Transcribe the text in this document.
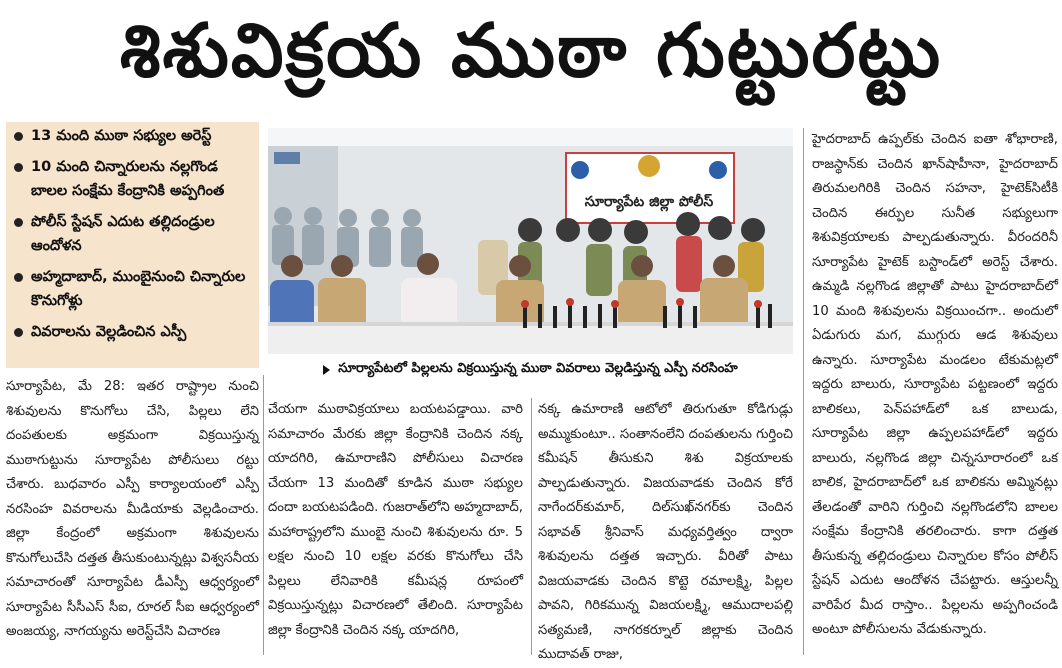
శిశువిక్రయ ముఠా గుట్టురట్టు
13 మంది ముఠా సభ్యుల అరెస్ట్
10 మంది చిన్నారులను నల్లగొండ బాలల సంక్షేమ కేంద్రానికి అప్పగింత
పోలీస్ స్టేషన్ ఎదుట తల్లిదండ్రుల ఆందోళన
అహ్మదాబాద్, ముంబైనుంచి చిన్నారుల కొనుగోళ్లు
వివరాలను వెల్లడించిన ఎస్పీ
సూర్యాపేట జిల్లా పోలీస్
సూర్యాపేటలో పిల్లలను విక్రయిస్తున్న ముఠా వివరాలు వెల్లడిస్తున్న ఎస్పీ నరసింహ

సూర్యాపేట, మే 28: ఇతర రాష్ట్రాల నుంచి శిశువులను కొనుగోలు చేసి, పిల్లలు లేని దంపతులకు అక్రమంగా విక్రయిస్తున్న ముఠాగుట్టును సూర్యాపేట పోలీసులు రట్టు చేశారు. బుధవారం ఎస్పీ కార్యాలయంలో ఎస్పీ నరసింహ వివరాలను మీడియాకు వెల్లడించారు. జిల్లా కేంద్రంలో అక్రమంగా శిశువులను కొనుగోలుచేసి దత్తత తీసుకుంటున్నట్లు విశ్వసనీయ సమాచారంతో సూర్యాపేట డీఎస్పీ ఆధ్వర్యంలో సూర్యాపేట సీసీఎస్ సీఐ, రూరల్ సీఐ ఆధ్వర్యంలో అంజయ్య, నాగయ్యను అరెస్ట్‌చేసి విచారణ

చేయగా ముఠావిక్రయాలు బయటపడ్డాయి. వారి సమాచారం మేరకు జిల్లా కేంద్రానికి చెందిన నక్క యాదగిరి, ఉమారాణిని పోలీసులు విచారణ చేయగా 13 మందితో కూడిన ముఠా సభ్యుల దందా బయటపడింది. గుజరాత్‌లోని అహ్మదాబాద్, మహారాష్ట్రలోని ముంబై నుంచి శిశువులను రూ. 5 లక్షల నుంచి 10 లక్షల వరకు కొనుగోలు చేసి పిల్లలు లేనివారికి కమీషన్ల రూపంలో విక్రయిస్తున్నట్లు విచారణలో తేలింది. సూర్యాపేట జిల్లా కేంద్రానికి చెందిన నక్క యాదగిరి,

నక్క ఉమారాణి ఆటోలో తిరుగుతూ కోడిగుడ్లు అమ్ముకుంటూ.. సంతానంలేని దంపతులను గుర్తించి కమీషన్ తీసుకుని శిశు విక్రయాలకు పాల్పడుతున్నారు. విజయవాడకు చెందిన కోరే నాగేందర్‌కుమార్, దిల్‌సుఖ్‌నగర్‌కు చెందిన సభావత్ శ్రీనివాస్ మధ్యవర్తిత్వం ద్వారా శిశువులను దత్తత ఇచ్చారు. వీరితో పాటు విజయవాడకు చెందిన కొట్టె రమాలక్ష్మి, పిల్లల పావని, గిరికమున్న విజయలక్ష్మి, ఆముదాలపల్లి సత్యమణి, నాగరకర్నూల్ జిల్లాకు చెందిన ముదావత్ రాజు,

హైదరాబాద్ ఉప్పల్‌కు చెందిన ఐతా శోభారాణి, రాజస్థాన్‌కు చెందిన ఖాన్‌షాహీనా, హైదరాబాద్ తిరుమలగిరికి చెందిన సహనా, హైటెక్‌సిటీకి చెందిన ఈర్పుల సునీత సభ్యులుగా శిశువిక్రయాలకు పాల్పడుతున్నారు. వీరందరినీ సూర్యాపేట హైటెక్ బస్టాండ్‌లో అరెస్ట్ చేశారు. ఉమ్మడి నల్లగొండ జిల్లాతో పాటు హైదరాబాద్‌లో 10 మంది శిశువులను విక్రయించగా.. అందులో ఏడుగురు మగ, ముగ్గురు ఆడ శిశువులు ఉన్నారు. సూర్యాపేట మండలం టేకుమట్లలో ఇద్దరు బాలురు, సూర్యాపేట పట్టణంలో ఇద్దరు బాలికలు, పెన్‌పహాడ్‌లో ఒక బాలుడు, సూర్యాపేట జిల్లా ఉప్పలపహాడ్‌లో ఇద్దరు బాలురు, నల్లగొండ జిల్లా చిన్నసూరారంలో ఒక బాలిక, హైదరాబాద్‌లో ఒక బాలికను అమ్మినట్లు తేలడంతో వారిని గుర్తించి నల్లగొండలోని బాలల సంక్షేమ కేంద్రానికి తరలించారు. కాగా దత్తత తీసుకున్న తల్లిదండ్రులు చిన్నారుల కోసం పోలీస్ స్టేషన్ ఎదుట ఆందోళన చేపట్టారు. ఆస్తులన్నీ వారిపేర మీద రాస్తాం.. పిల్లలను అప్పగించండి అంటూ పోలీసులను వేడుకున్నారు.
